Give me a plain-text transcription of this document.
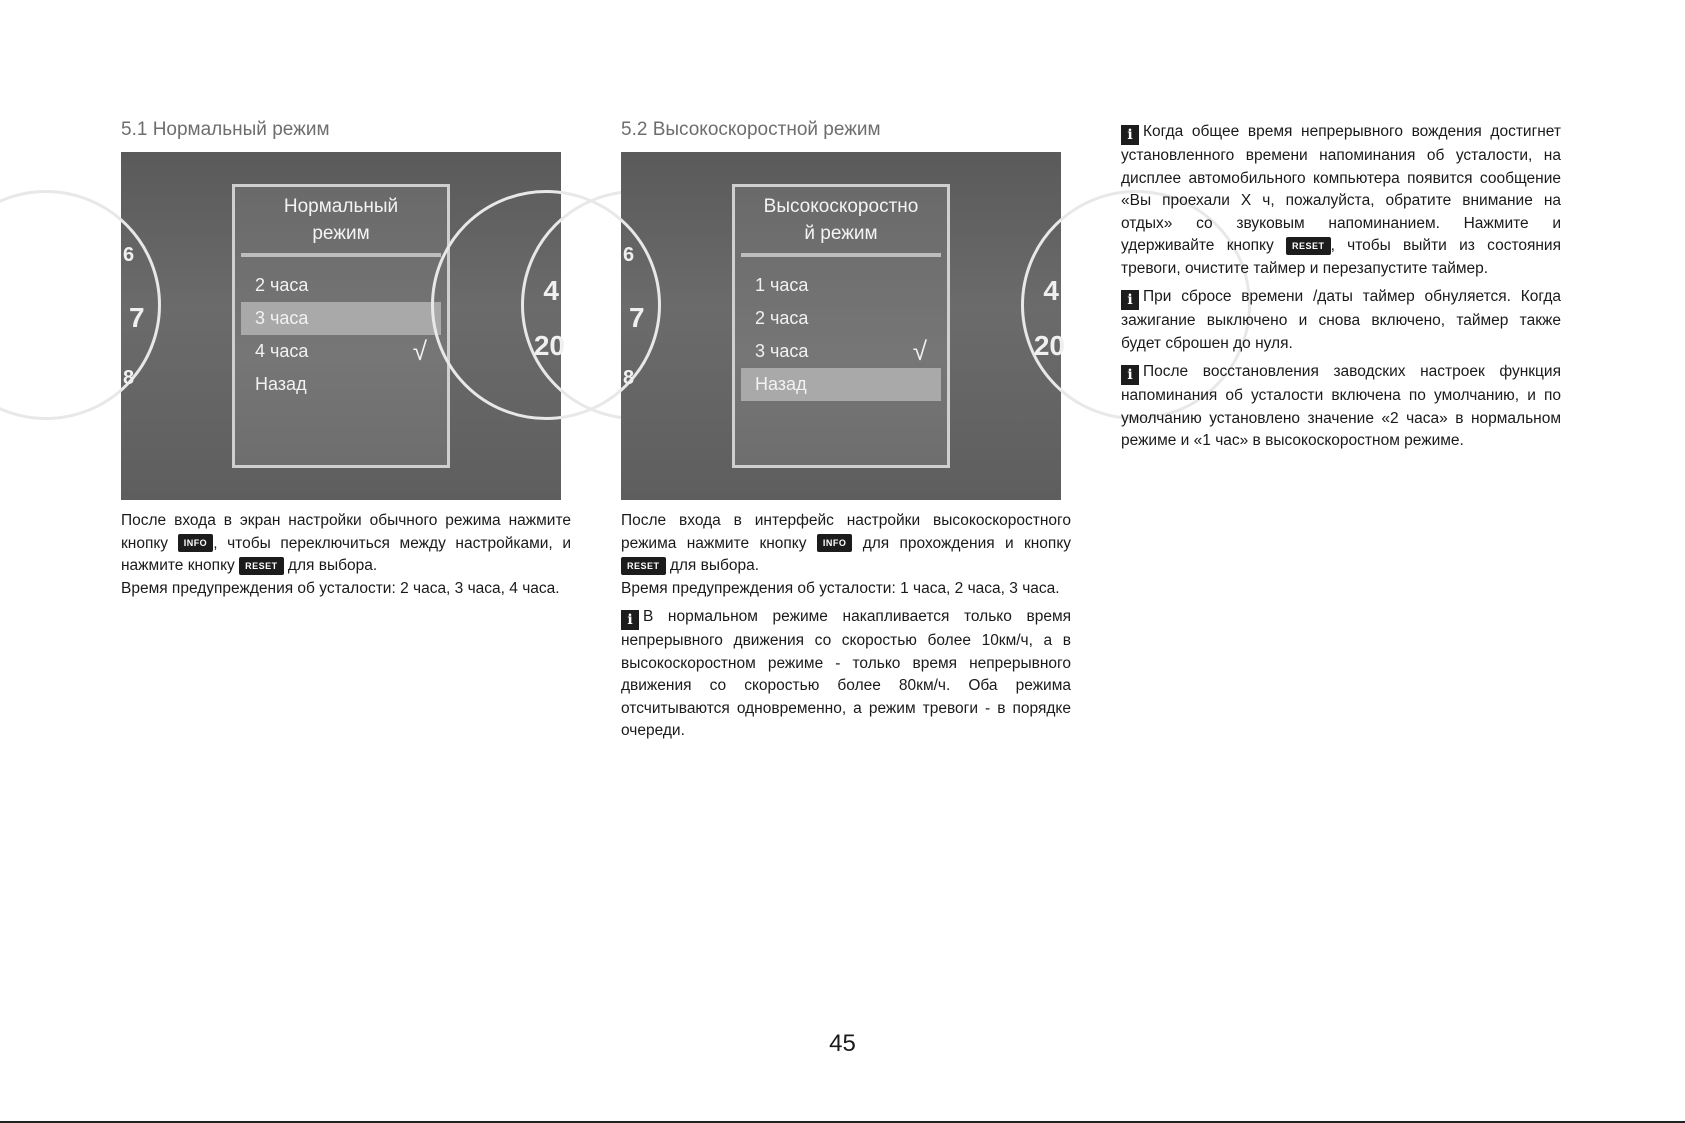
5.1 Нормальный режим
6
7
8
4
20
Нормальный
режим
2 часа
3 часа
4 часа	√
Назад

После входа в экран настройки обычного режима нажмите кнопку INFO , чтобы переключиться между настройками, и нажмите кнопку RESET для выбора.

Время предупреждения об усталости: 2 часа, 3 часа, 4 часа.

5.2 Высокоскоростной режим
6
7
8
4
20
Высокоскоростно
й режим
1 часа
2 часа
3 часа	√
Назад

После входа в интерфейс настройки высокоскоростного режима нажмите кнопку INFO для прохождения и кнопку RESET для выбора.

Время предупреждения об усталости: 1 часа, 2 часа, 3 часа.

i В нормальном режиме накапливается только время непрерывного движения со скоростью более 10км/ч, а в высокоскоростном режиме - только время непрерывного движения со скоростью более 80км/ч. Оба режима отсчитываются одновременно, а режим тревоги - в порядке очереди.

i Когда общее время непрерывного вождения достигнет установленного времени напоминания об усталости, на дисплее автомобильного компьютера появится сообщение «Вы проехали Х ч, пожалуйста, обратите внимание на отдых» со звуковым напоминанием. Нажмите и удерживайте кнопку RESET , чтобы выйти из состояния тревоги, очистите таймер и перезапустите таймер.

i При сбросе времени /даты таймер обнуляется. Когда зажигание выключено и снова включено, таймер также будет сброшен до нуля.

i После восстановления заводских настроек функция напоминания об усталости включена по умолчанию, и по умолчанию установлено значение «2 часа» в нормальном режиме и «1 час» в высокоскоростном режиме.

45
